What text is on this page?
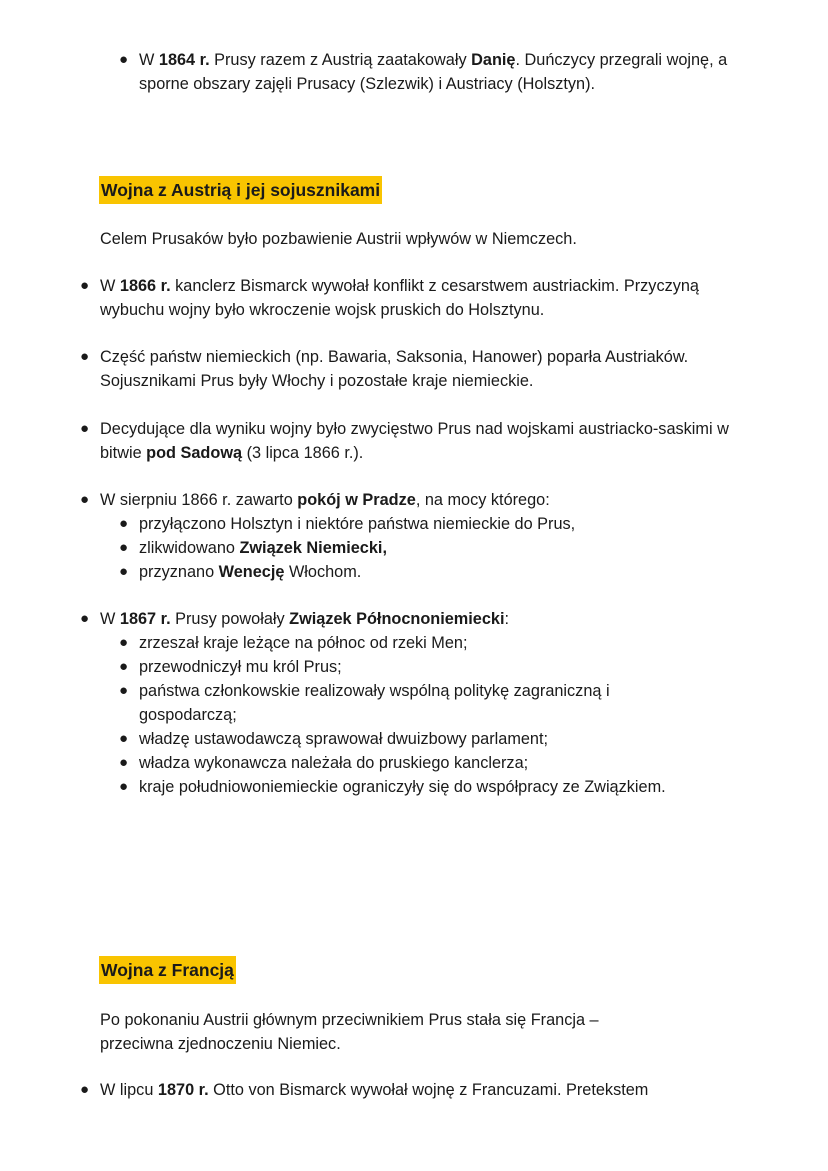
● W 1864 r. Prusy razem z Austrią zaatakowały Danię. Duńczycy przegrali wojnę, a sporne obszary zajęli Prusacy (Szlezwik) i Austriacy (Holsztyn).
Wojna z Austrią i jej sojusznikami
Celem Prusaków było pozbawienie Austrii wpływów w Niemczech.
● W 1866 r. kanclerz Bismarck wywołał konflikt z cesarstwem austriackim. Przyczyną wybuchu wojny było wkroczenie wojsk pruskich do Holsztynu.
● Część państw niemieckich (np. Bawaria, Saksonia, Hanower) poparła Austriaków. Sojusznikami Prus były Włochy i pozostałe kraje niemieckie.
● Decydujące dla wyniku wojny było zwycięstwo Prus nad wojskami austriacko-saskimi w bitwie pod Sadową (3 lipca 1866 r.).
● W sierpniu 1866 r. zawarto pokój w Pradze, na mocy którego:
● przyłączono Holsztyn i niektóre państwa niemieckie do Prus,
● zlikwidowano Związek Niemiecki,
● przyznano Wenecję Włochom.
● W 1867 r. Prusy powołały Związek Północnoniemiecki:
● zrzeszał kraje leżące na północ od rzeki Men;
● przewodniczył mu król Prus;
● państwa członkowskie realizowały wspólną politykę zagraniczną i gospodarczą;
● władzę ustawodawczą sprawował dwuizbowy parlament;
● władza wykonawcza należała do pruskiego kanclerza;
● kraje południowoniemieckie ograniczyły się do współpracy ze Związkiem.
Wojna z Francją
Po pokonaniu Austrii głównym przeciwnikiem Prus stała się Francja – przeciwna zjednoczeniu Niemiec.
● W lipcu 1870 r. Otto von Bismarck wywołał wojnę z Francuzami. Pretekstem
